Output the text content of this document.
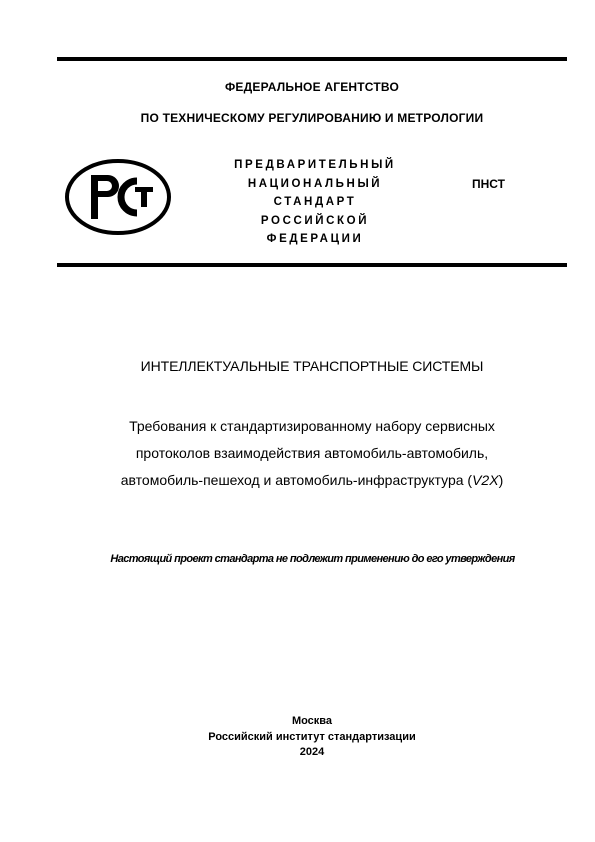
ФЕДЕРАЛЬНОЕ АГЕНТСТВО
ПО ТЕХНИЧЕСКОМУ РЕГУЛИРОВАНИЮ И МЕТРОЛОГИИ
ПРЕДВАРИТЕЛЬНЫЙ
НАЦИОНАЛЬНЫЙ
СТАНДАРТ
РОССИЙСКОЙ
ФЕДЕРАЦИИ
ПНСТ
ИНТЕЛЛЕКТУАЛЬНЫЕ ТРАНСПОРТНЫЕ СИСТЕМЫ
Требования к стандартизированному набору сервисных
протоколов взаимодействия автомобиль-автомобиль,
автомобиль-пешеход и автомобиль-инфраструктура (V2X)
Настоящий проект стандарта не подлежит применению до его утверждения
Москва
Российский институт стандартизации
2024
